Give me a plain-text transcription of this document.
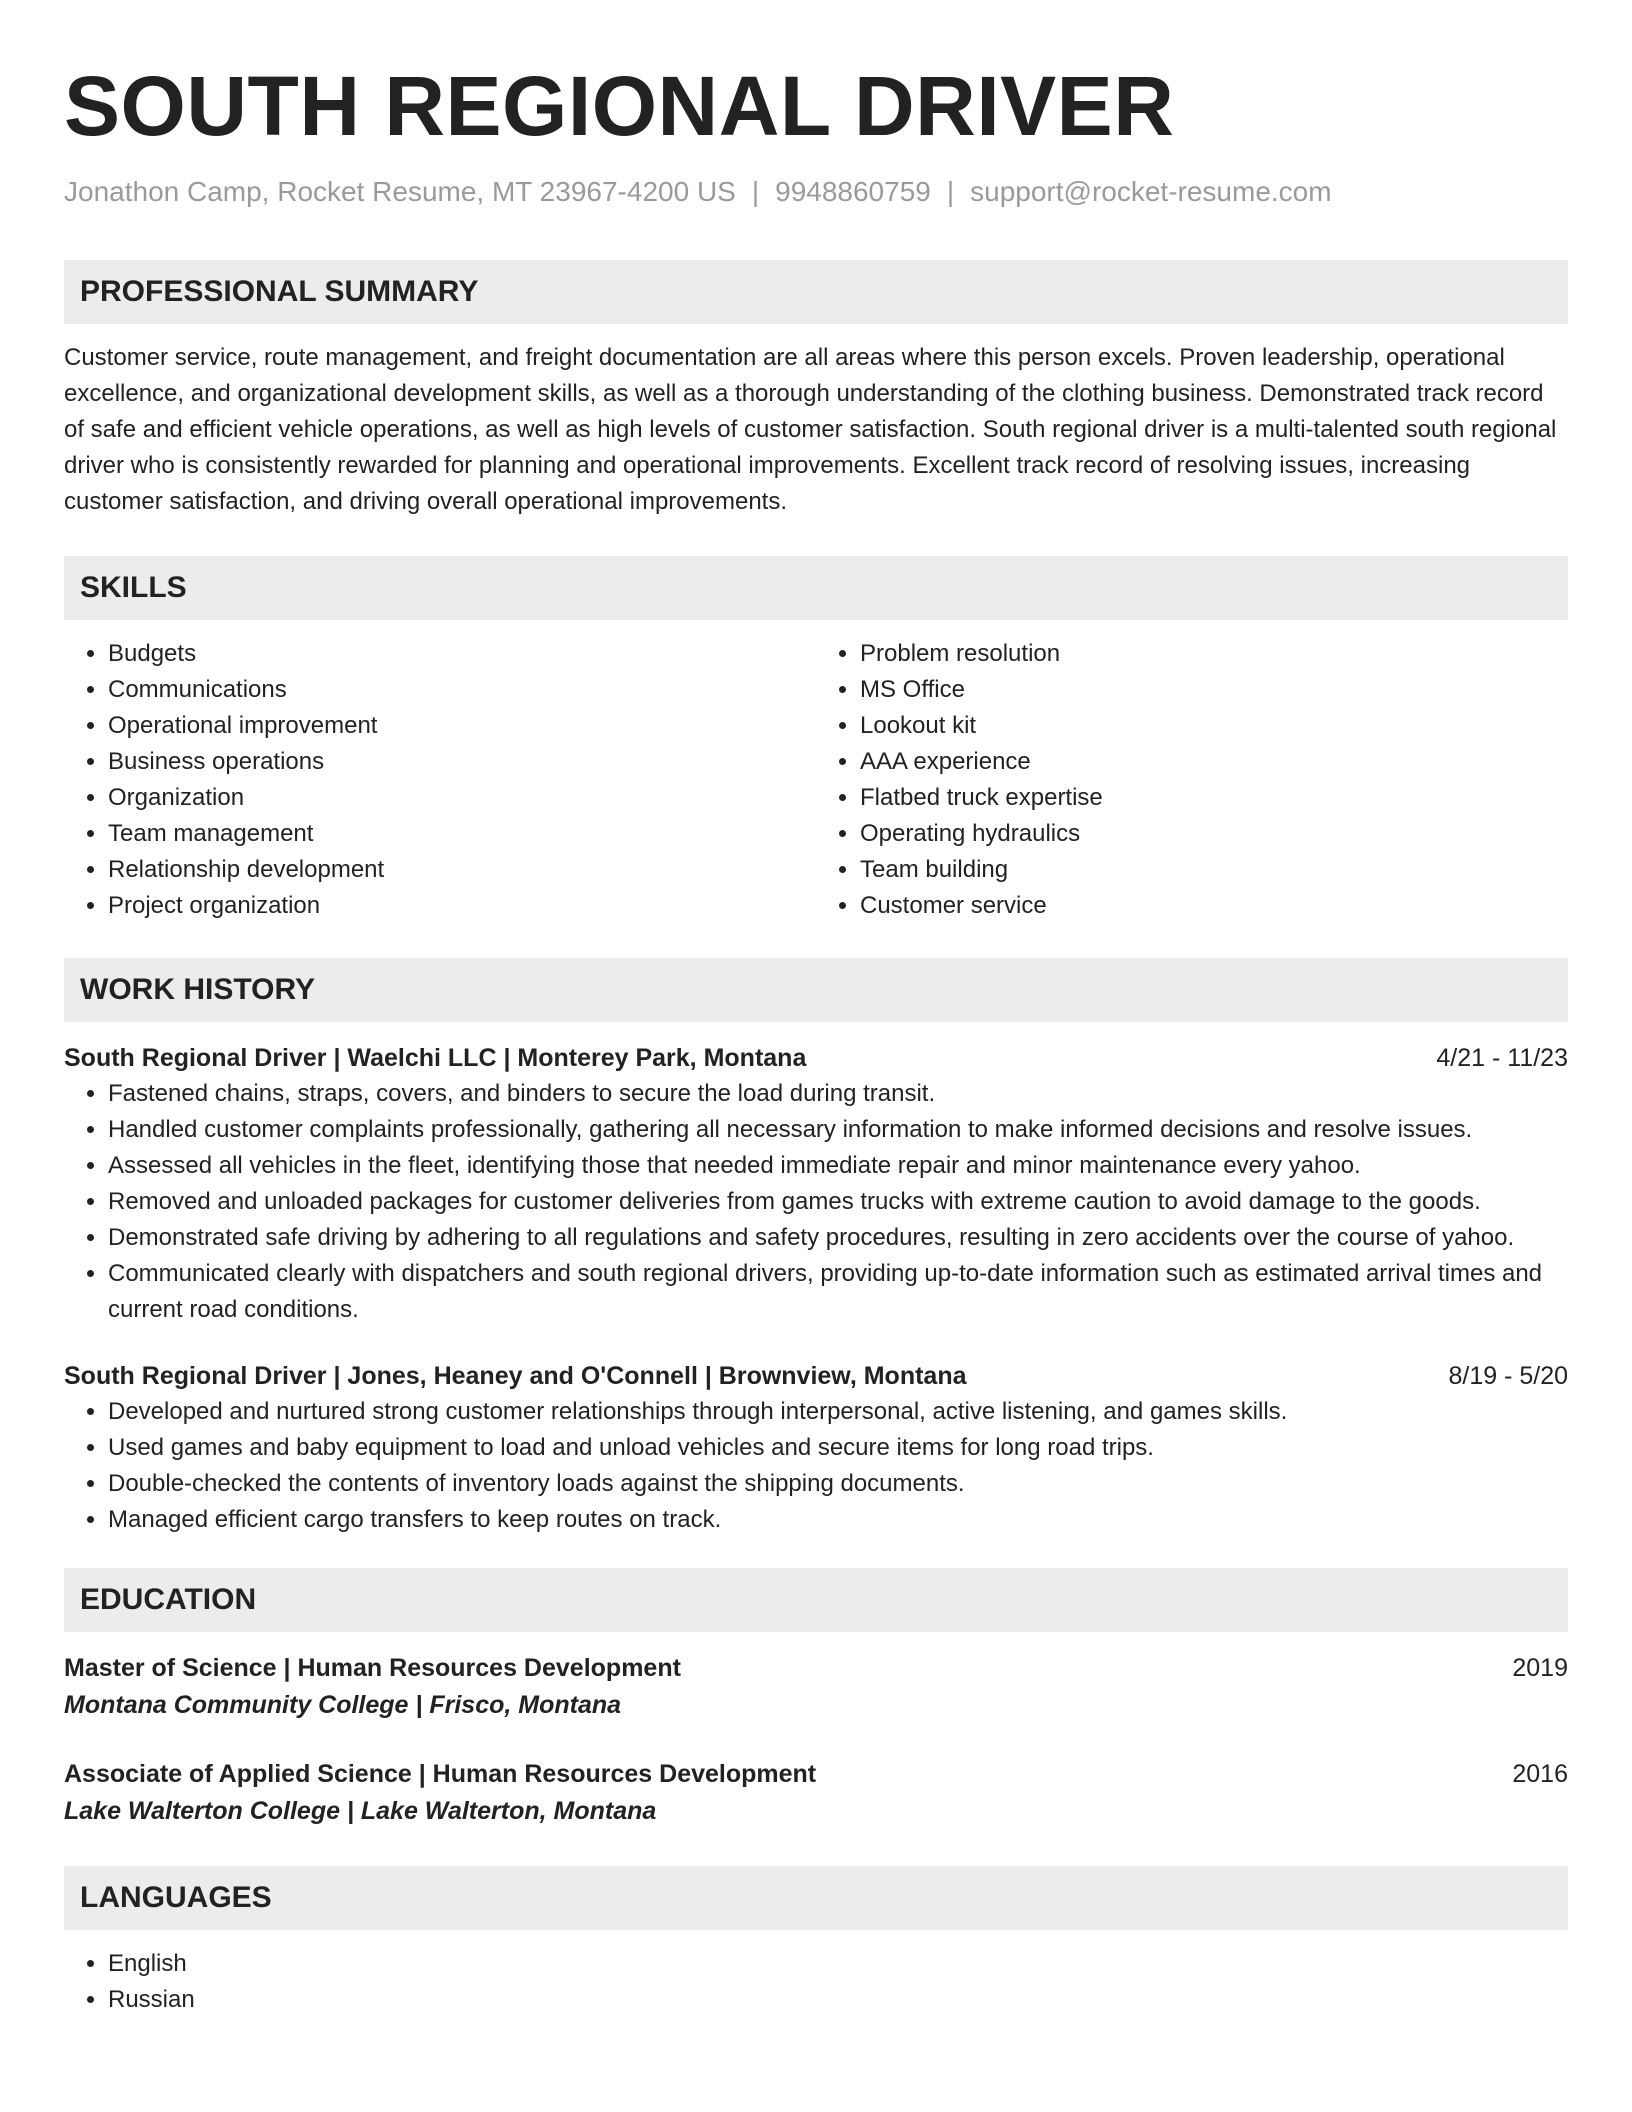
SOUTH REGIONAL DRIVER
Jonathon Camp, Rocket Resume, MT 23967-4200 US | 9948860759 | support@rocket-resume.com
PROFESSIONAL SUMMARY
Customer service, route management, and freight documentation are all areas where this person excels. Proven leadership, operational excellence, and organizational development skills, as well as a thorough understanding of the clothing business. Demonstrated track record of safe and efficient vehicle operations, as well as high levels of customer satisfaction. South regional driver is a multi-talented south regional driver who is consistently rewarded for planning and operational improvements. Excellent track record of resolving issues, increasing customer satisfaction, and driving overall operational improvements.
SKILLS
• Budgets
• Communications
• Operational improvement
• Business operations
• Organization
• Team management
• Relationship development
• Project organization
• Problem resolution
• MS Office
• Lookout kit
• AAA experience
• Flatbed truck expertise
• Operating hydraulics
• Team building
• Customer service
WORK HISTORY
South Regional Driver | Waelchi LLC | Monterey Park, Montana	4/21 - 11/23
• Fastened chains, straps, covers, and binders to secure the load during transit.
• Handled customer complaints professionally, gathering all necessary information to make informed decisions and resolve issues.
• Assessed all vehicles in the fleet, identifying those that needed immediate repair and minor maintenance every yahoo.
• Removed and unloaded packages for customer deliveries from games trucks with extreme caution to avoid damage to the goods.
• Demonstrated safe driving by adhering to all regulations and safety procedures, resulting in zero accidents over the course of yahoo.
• Communicated clearly with dispatchers and south regional drivers, providing up-to-date information such as estimated arrival times and current road conditions.
South Regional Driver | Jones, Heaney and O'Connell | Brownview, Montana	8/19 - 5/20
• Developed and nurtured strong customer relationships through interpersonal, active listening, and games skills.
• Used games and baby equipment to load and unload vehicles and secure items for long road trips.
• Double-checked the contents of inventory loads against the shipping documents.
• Managed efficient cargo transfers to keep routes on track.
EDUCATION
Master of Science | Human Resources Development	2019
Montana Community College | Frisco, Montana
Associate of Applied Science | Human Resources Development	2016
Lake Walterton College | Lake Walterton, Montana
LANGUAGES
• English
• Russian
